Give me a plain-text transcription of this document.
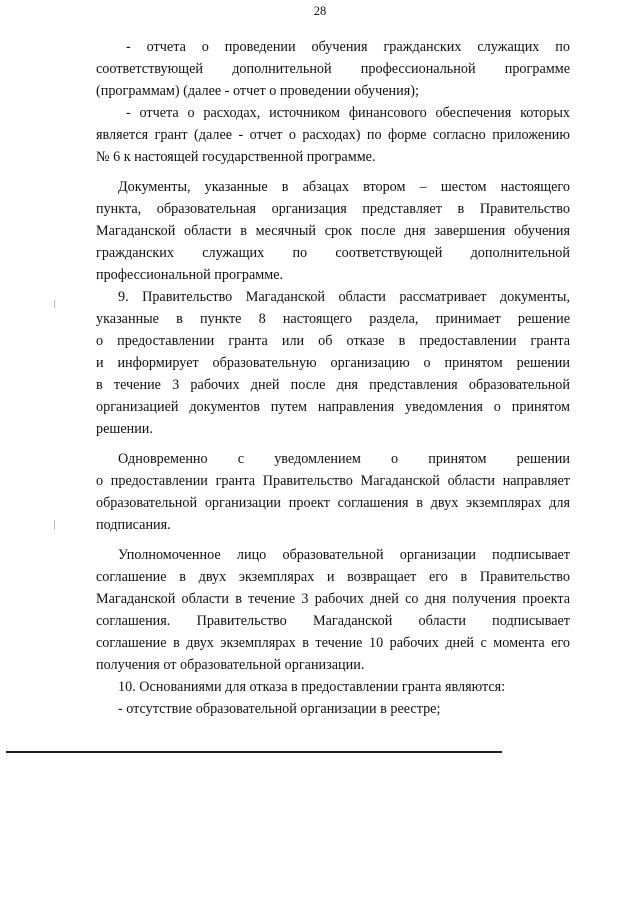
28
- отчета о проведении обучения гражданских служащих по
соответствующей дополнительной профессиональной программе
(программам) (далее - отчет о проведении обучения);
- отчета о расходах, источником финансового обеспечения которых
является грант (далее - отчет о расходах) по форме согласно приложению
№ 6 к настоящей государственной программе.
Документы, указанные в абзацах втором – шестом настоящего
пункта, образовательная организация представляет в Правительство
Магаданской области в месячный срок после дня завершения обучения
гражданских служащих по соответствующей дополнительной
профессиональной программе.
9. Правительство Магаданской области рассматривает документы,
указанные в пункте 8 настоящего раздела, принимает решение
о предоставлении гранта или об отказе в предоставлении гранта
и информирует образовательную организацию о принятом решении
в течение 3 рабочих дней после дня представления образовательной
организацией документов путем направления уведомления о принятом
решении.
Одновременно с уведомлением о принятом решении
о предоставлении гранта Правительство Магаданской области направляет
образовательной организации проект соглашения в двух экземплярах для
подписания.
Уполномоченное лицо образовательной организации подписывает
соглашение в двух экземплярах и возвращает его в Правительство
Магаданской области в течение 3 рабочих дней со дня получения проекта
соглашения. Правительство Магаданской области подписывает
соглашение в двух экземплярах в течение 10 рабочих дней с момента его
получения от образовательной организации.
10. Основаниями для отказа в предоставлении гранта являются:
- отсутствие образовательной организации в реестре;
